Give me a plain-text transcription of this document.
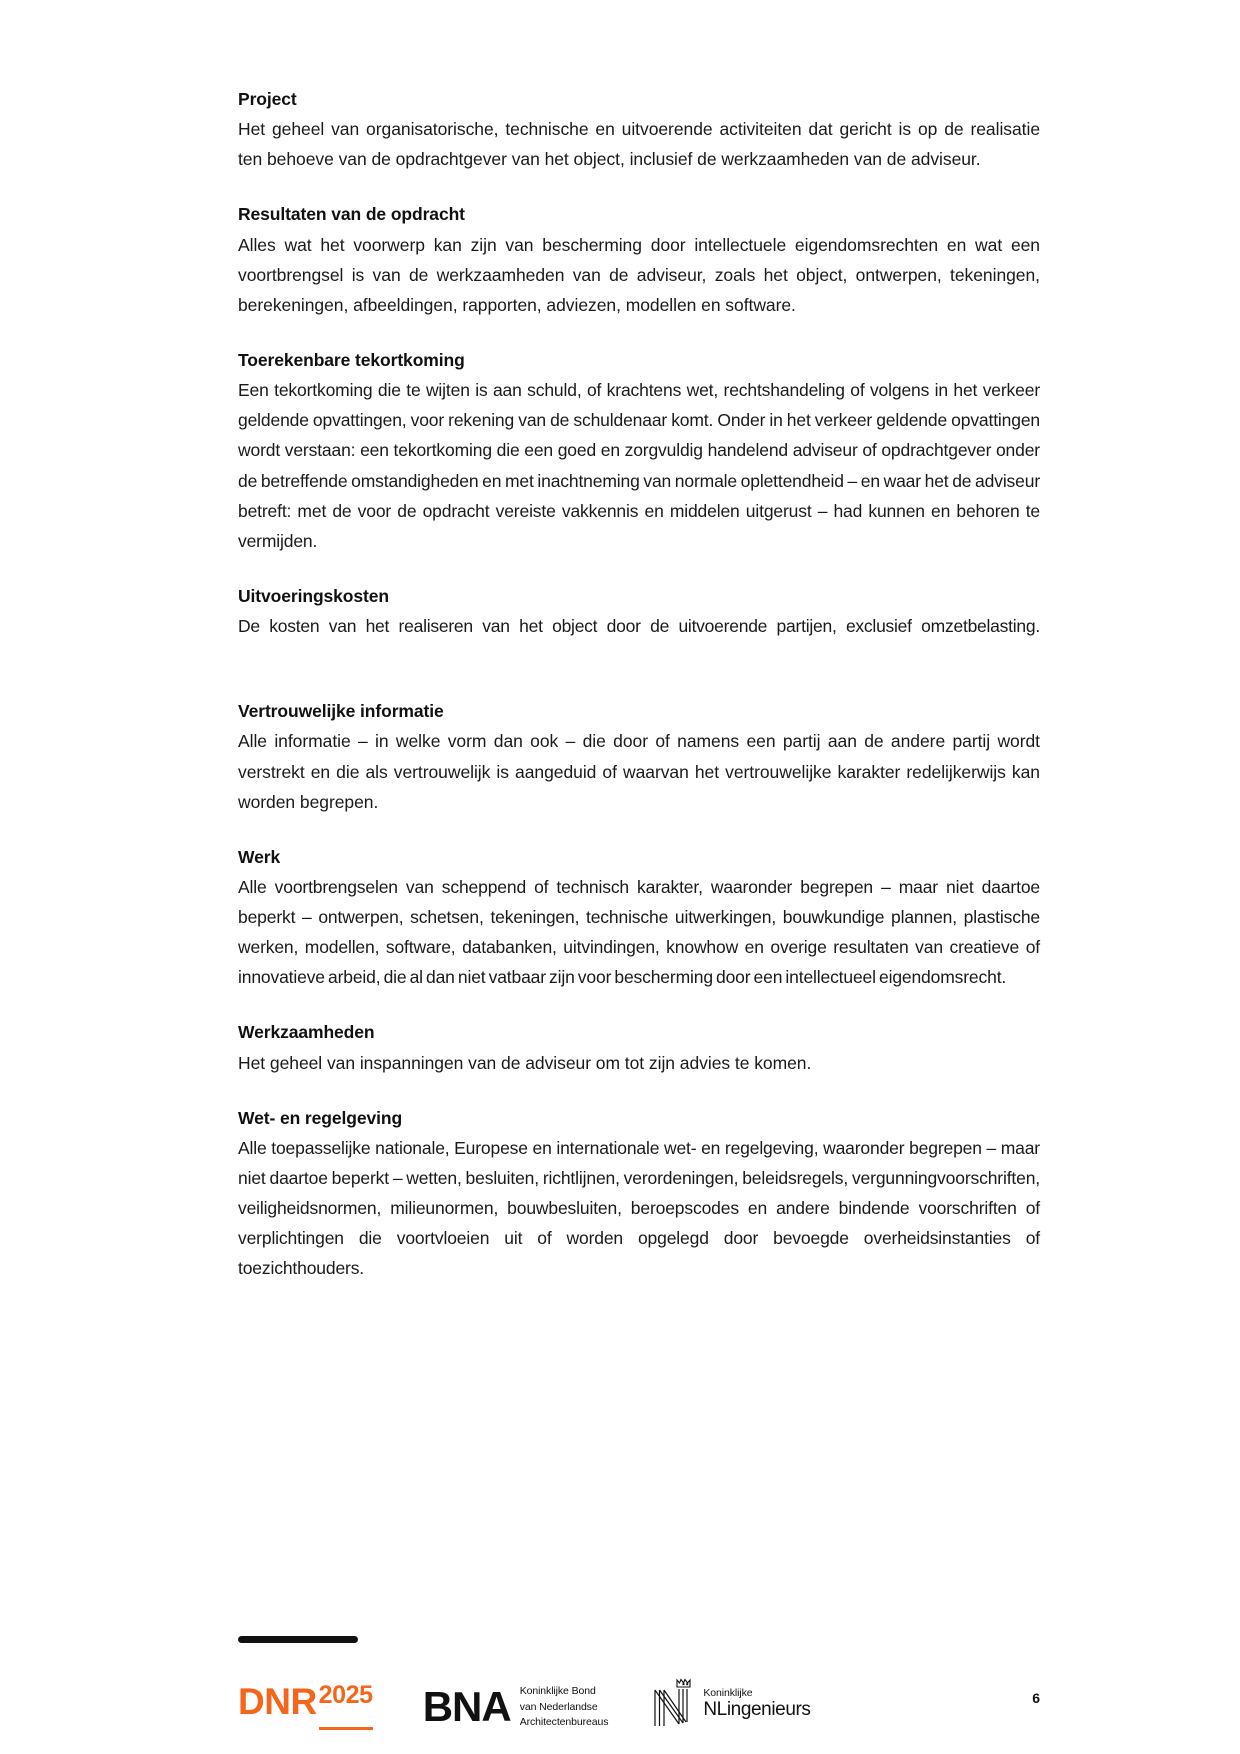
Project

Het geheel van organisatorische, technische en uitvoerende activiteiten dat gericht is op de realisatie ten behoeve van de opdrachtgever van het object, inclusief de werkzaamheden van de adviseur.

Resultaten van de opdracht

Alles wat het voorwerp kan zijn van bescherming door intellectuele eigendomsrechten en wat een voortbrengsel is van de werkzaamheden van de adviseur, zoals het object, ontwerpen, tekeningen, berekeningen, afbeeldingen, rapporten, adviezen, modellen en software.

Toerekenbare tekortkoming

Een tekortkoming die te wijten is aan schuld, of krachtens wet, rechtshandeling of volgens in het verkeer geldende opvattingen, voor rekening van de schuldenaar komt. Onder in het verkeer geldende opvattingen wordt verstaan: een tekortkoming die een goed en zorgvuldig handelend adviseur of opdrachtgever onder de betreffende omstandigheden en met inachtneming van normale oplettendheid – en waar het de adviseur betreft: met de voor de opdracht vereiste vakkennis en middelen uitgerust – had kunnen en behoren te vermijden.

Uitvoeringskosten

De kosten van het realiseren van het object door de uitvoerende partijen, exclusief omzetbelasting.

Vertrouwelijke informatie

Alle informatie – in welke vorm dan ook – die door of namens een partij aan de andere partij wordt verstrekt en die als vertrouwelijk is aangeduid of waarvan het vertrouwelijke karakter redelijkerwijs kan worden begrepen.

Werk

Alle voortbrengselen van scheppend of technisch karakter, waaronder begrepen – maar niet daartoe beperkt – ontwerpen, schetsen, tekeningen, technische uitwerkingen, bouwkundige plannen, plastische werken, modellen, software, databanken, uitvindingen, knowhow en overige resultaten van creatieve of innovatieve arbeid, die al dan niet vatbaar zijn voor bescherming door een intellectueel eigendomsrecht.

Werkzaamheden

Het geheel van inspanningen van de adviseur om tot zijn advies te komen.

Wet- en regelgeving

Alle toepasselijke nationale, Europese en internationale wet- en regelgeving, waaronder begrepen – maar niet daartoe beperkt – wetten, besluiten, richtlijnen, verordeningen, beleidsregels, vergunningvoorschriften, veiligheidsnormen, milieunormen, bouwbesluiten, beroepscodes en andere bindende voorschriften of verplichtingen die voortvloeien uit of worden opgelegd door bevoegde overheidsinstanties of toezichthouders.

DNR 2025 BNA Koninklijke Bond
van Nederlandse
Architectenbureaus
Koninklijke
NLingenieurs
6
